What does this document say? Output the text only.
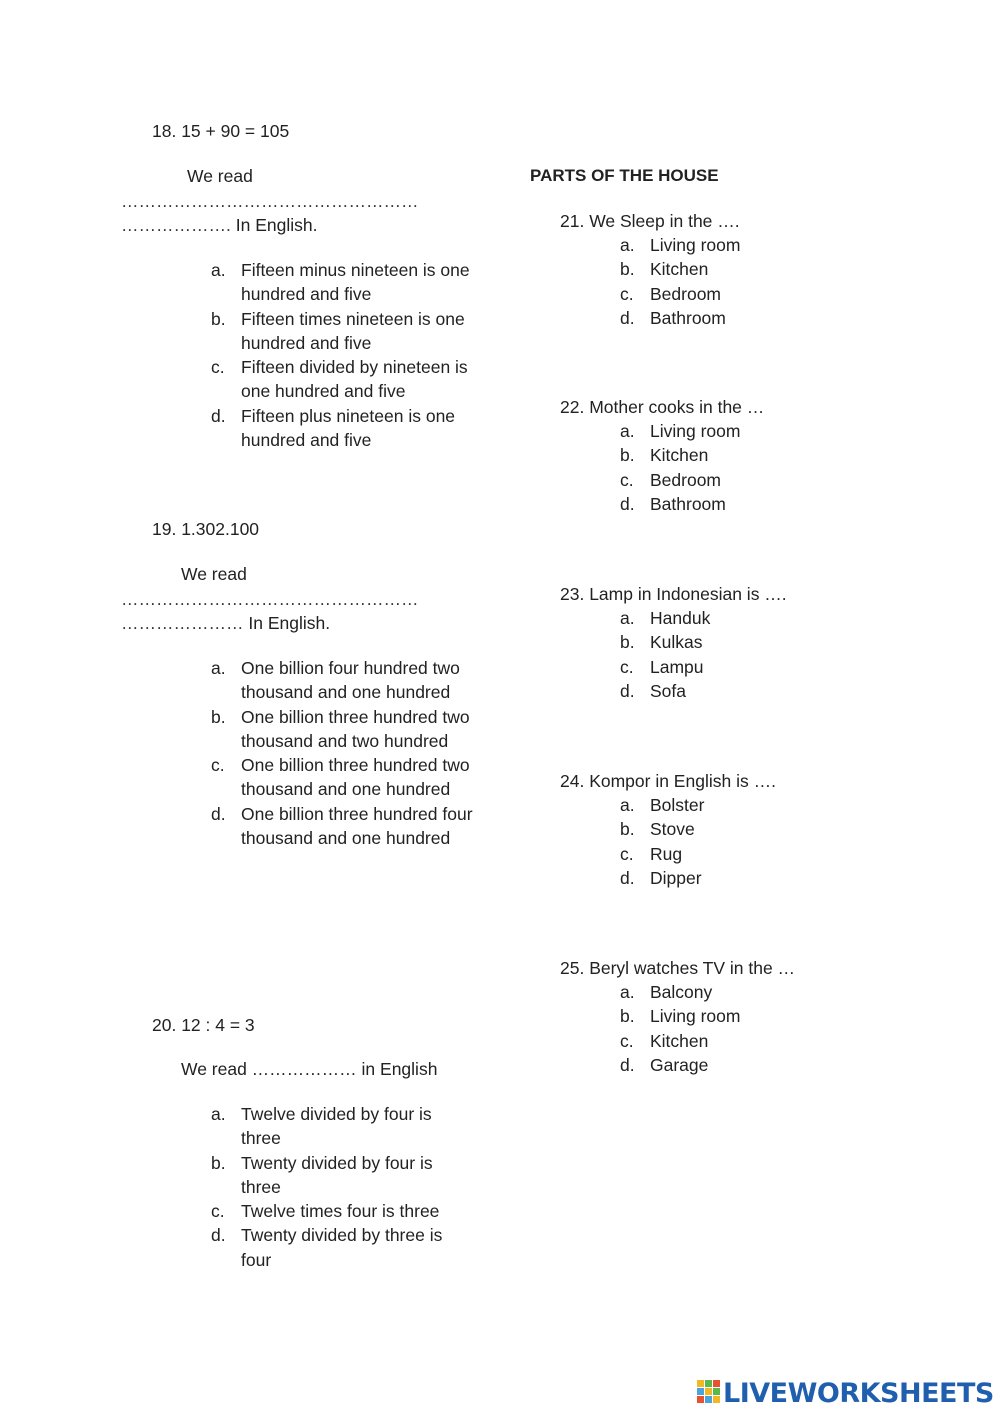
18. 15 + 90 = 105
We read
……………………………………………
………………. In English.
a. Fifteen minus nineteen is one hundred and five
b. Fifteen times nineteen is one hundred and five
c. Fifteen divided by nineteen is one hundred and five
d. Fifteen plus nineteen is one hundred and five
19. 1.302.100
We read
……………………………………………
………………… In English.
a. One billion four hundred two thousand and one hundred
b. One billion three hundred two thousand and two hundred
c. One billion three hundred two thousand and one hundred
d. One billion three hundred four thousand and one hundred
20. 12 : 4 = 3
We read ……………… in English
a. Twelve divided by four is three
b. Twenty divided by four is three
c. Twelve times four is three
d. Twenty divided by three is four
PARTS OF THE HOUSE
21. We Sleep in the ….
a. Living room
b. Kitchen
c. Bedroom
d. Bathroom
22. Mother cooks in the …
a. Living room
b. Kitchen
c. Bedroom
d. Bathroom
23. Lamp in Indonesian is ….
a. Handuk
b. Kulkas
c. Lampu
d. Sofa
24. Kompor in English is ….
a. Bolster
b. Stove
c. Rug
d. Dipper
25. Beryl watches TV in the …
a. Balcony
b. Living room
c. Kitchen
d. Garage
LIVEWORKSHEETS
